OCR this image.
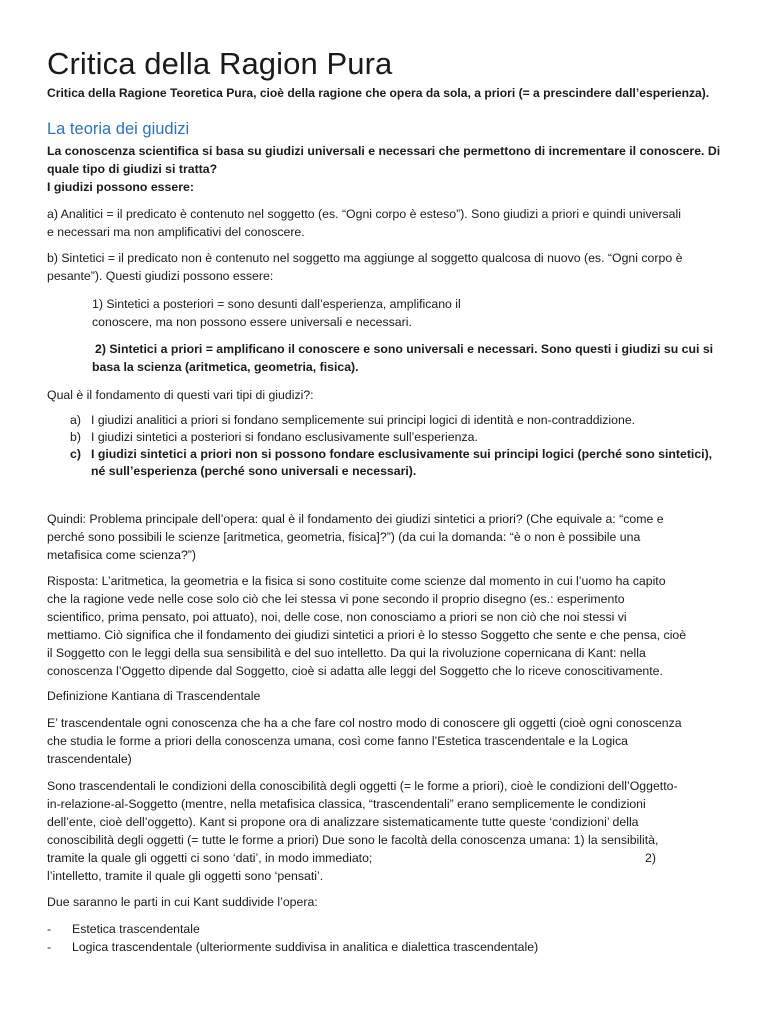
Critica della Ragion Pura
Critica della Ragione Teoretica Pura, cioè della ragione che opera da sola, a priori (= a prescindere dall’esperienza).
La teoria dei giudizi
La conoscenza scientifica si basa su giudizi universali e necessari che permettono di incrementare il conoscere. Di
quale tipo di giudizi si tratta?
I giudizi possono essere:
a) Analitici = il predicato è contenuto nel soggetto (es. “Ogni corpo è esteso”). Sono giudizi a priori e quindi universali
e necessari ma non amplificativi del conoscere.
b) Sintetici = il predicato non è contenuto nel soggetto ma aggiunge al soggetto qualcosa di nuovo (es. “Ogni corpo è
pesante”). Questi giudizi possono essere:
1) Sintetici a posteriori = sono desunti dall’esperienza, amplificano il
conoscere, ma non possono essere universali e necessari.
2) Sintetici a priori = amplificano il conoscere e sono universali e necessari. Sono questi i giudizi su cui si
basa la scienza (aritmetica, geometria, fisica).
Qual è il fondamento di questi vari tipi di giudizi?:
a) I giudizi analitici a priori si fondano semplicemente sui principi logici di identità e non-contraddizione.
b) I giudizi sintetici a posteriori si fondano esclusivamente sull’esperienza.
c) I giudizi sintetici a priori non si possono fondare esclusivamente sui principi logici (perché sono sintetici),
né sull’esperienza (perché sono universali e necessari).
Quindi: Problema principale dell’opera: qual è il fondamento dei giudizi sintetici a priori? (Che equivale a: “come e
perché sono possibili le scienze [aritmetica, geometria, fisica]?”) (da cui la domanda: “è o non è possibile una
metafisica come scienza?”)
Risposta: L’aritmetica, la geometria e la fisica si sono costituite come scienze dal momento in cui l’uomo ha capito
che la ragione vede nelle cose solo ciò che lei stessa vi pone secondo il proprio disegno (es.: esperimento
scientifico, prima pensato, poi attuato), noi, delle cose, non conosciamo a priori se non ciò che noi stessi vi
mettiamo. Ciò significa che il fondamento dei giudizi sintetici a priori è lo stesso Soggetto che sente e che pensa, cioè
il Soggetto con le leggi della sua sensibilità e del suo intelletto. Da qui la rivoluzione copernicana di Kant: nella
conoscenza l’Oggetto dipende dal Soggetto, cioè si adatta alle leggi del Soggetto che lo riceve conoscitivamente.
Definizione Kantiana di Trascendentale
E’ trascendentale ogni conoscenza che ha a che fare col nostro modo di conoscere gli oggetti (cioè ogni conoscenza
che studia le forme a priori della conoscenza umana, così come fanno l’Estetica trascendentale e la Logica
trascendentale)
Sono trascendentali le condizioni della conoscibilità degli oggetti (= le forme a priori), cioè le condizioni dell’Oggetto-
in-relazione-al-Soggetto (mentre, nella metafisica classica, “trascendentali” erano semplicemente le condizioni
dell’ente, cioè dell’oggetto). Kant si propone ora di analizzare sistematicamente tutte queste ‘condizioni’ della
conoscibilità degli oggetti (= tutte le forme a priori) Due sono le facoltà della conoscenza umana: 1) la sensibilità,
tramite la quale gli oggetti ci sono ‘dati’, in modo immediato;	2)
l’intelletto, tramite il quale gli oggetti sono ‘pensati’.
Due saranno le parti in cui Kant suddivide l’opera:
- Estetica trascendentale
- Logica trascendentale (ulteriormente suddivisa in analitica e dialettica trascendentale)
